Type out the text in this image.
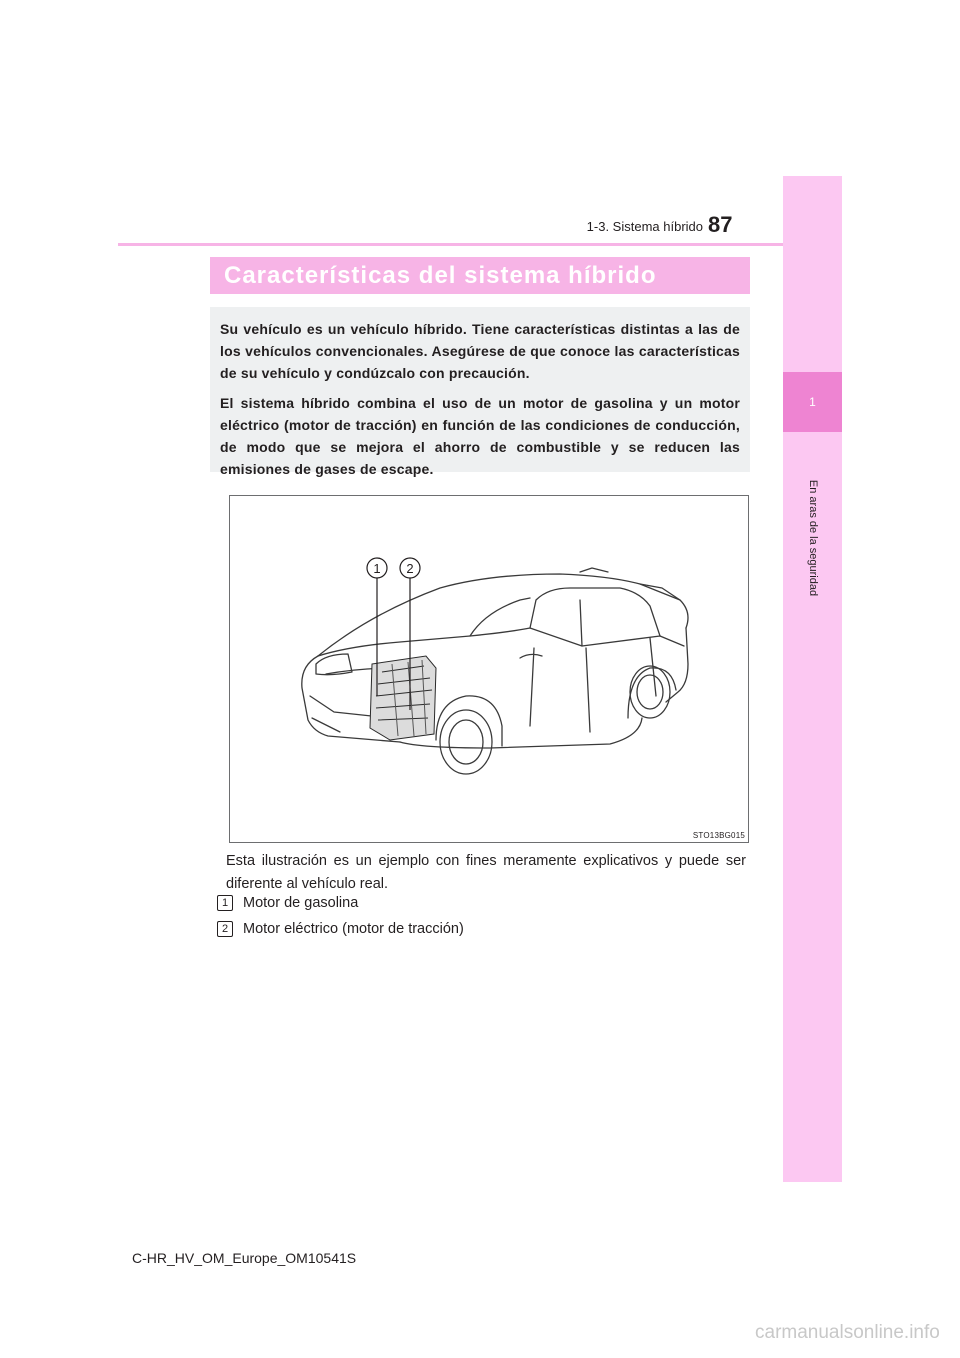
1-3. Sistema híbrido 87
1
En aras de la seguridad
Características del sistema híbrido

Su vehículo es un vehículo híbrido. Tiene características distintas a las de los vehículos convencionales. Asegúrese de que conoce las características de su vehículo y condúzcalo con precaución.

El sistema híbrido combina el uso de un motor de gasolina y un motor eléctrico (motor de tracción) en función de las condiciones de conducción, de modo que se mejora el ahorro de combustible y se reducen las emisiones de gases de escape.

1 2
STO13BG015
Esta ilustración es un ejemplo con fines meramente explicativos y puede ser diferente al vehículo real.
1	Motor de gasolina
2	Motor eléctrico (motor de tracción)
C-HR_HV_OM_Europe_OM10541S
carmanualsonline.info
